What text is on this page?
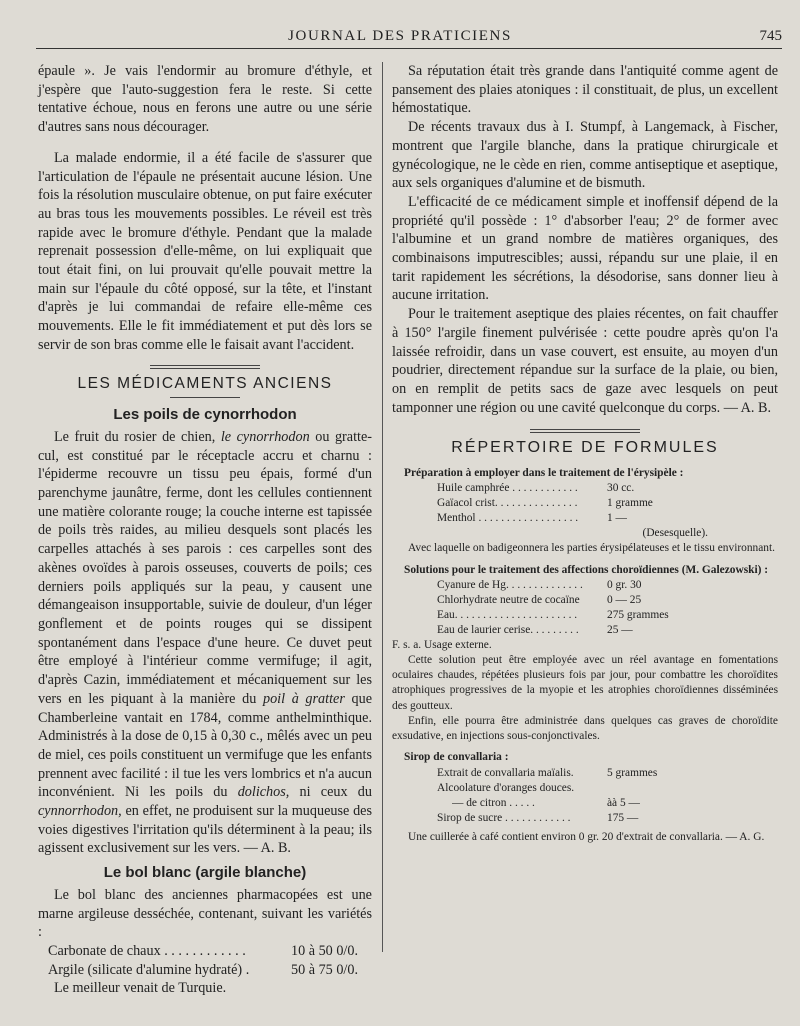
JOURNAL DES PRATICIENS	745

épaule ». Je vais l'endormir au bromure d'éthyle, et j'espère que l'auto-suggestion fera le reste. Si cette tentative échoue, nous en ferons une autre ou une série d'autres sans nous décourager.

La malade endormie, il a été facile de s'assurer que l'articulation de l'épaule ne présentait aucune lésion. Une fois la résolution musculaire obtenue, on put faire exécuter au bras tous les mouvements possibles. Le réveil est très rapide avec le bromure d'éthyle. Pendant que la malade reprenait possession d'elle-même, on lui expliquait que tout était fini, on lui prouvait qu'elle pouvait mettre la main sur l'épaule du côté opposé, sur la tête, et l'instant d'après je lui commandai de refaire elle-même ces mouvements. Elle le fit immédiatement et put dès lors se servir de son bras comme elle le faisait avant l'accident.

LES MÉDICAMENTS ANCIENS
Les poils de cynorrhodon

Le fruit du rosier de chien, le cynorrhodon ou gratte-cul, est constitué par le réceptacle accru et charnu : l'épiderme recouvre un tissu peu épais, formé d'un parenchyme jaunâtre, ferme, dont les cellules contiennent une matière colorante rouge; la couche interne est tapissée de poils très raides, au milieu desquels sont placés les carpelles attachés à ses parois : ces carpelles sont des akènes ovoïdes à parois osseuses, couverts de poils; ces derniers poils appliqués sur la peau, y causent une démangeaison insupportable, suivie de douleur, d'un léger gonflement et de points rouges qui se dissipent spontanément dans l'espace d'une heure. Ce duvet peut être employé à l'intérieur comme vermifuge; il agit, d'après Cazin, immédiatement et mécaniquement sur les vers en les piquant à la manière du poil à gratter que Chamberleine vantait en 1784, comme anthelminthique. Administrés à la dose de 0,15 à 0,30 c., mêlés avec un peu de miel, ces poils constituent un vermifuge que les enfants prennent avec facilité : il tue les vers lombrics et n'a aucun inconvénient. Ni les poils du dolichos, ni ceux du cynnorrhodon, en effet, ne produisent sur la muqueuse des voies digestives l'irritation qu'ils déterminent à la peau; ils agissent exclusivement sur les vers. — A. B.

Le bol blanc (argile blanche)

Le bol blanc des anciennes pharmacopées est une marne argileuse desséchée, contenant, suivant les variétés :

Carbonate de chaux . . . . . . . . . . . .	10 à 50 0/0.
Argile (silicate d'alumine hydraté) .	50 à 75 0/0.

Le meilleur venait de Turquie.

Sa réputation était très grande dans l'antiquité comme agent de pansement des plaies atoniques : il constituait, de plus, un excellent hémostatique.

De récents travaux dus à I. Stumpf, à Langemack, à Fischer, montrent que l'argile blanche, dans la pratique chirurgicale et gynécologique, ne le cède en rien, comme antiseptique et aseptique, aux sels organiques d'alumine et de bismuth.

L'efficacité de ce médicament simple et inoffensif dépend de la propriété qu'il possède : 1° d'absorber l'eau; 2° de former avec l'albumine et un grand nombre de matières organiques, des combinaisons imputrescibles; aussi, répandu sur une plaie, il en tarit rapidement les sécrétions, la désodorise, sans donner lieu à aucune irritation.

Pour le traitement aseptique des plaies récentes, on fait chauffer à 150° l'argile finement pulvérisée : cette poudre après qu'on l'a laissée refroidir, dans un vase couvert, est ensuite, au moyen d'un poudrier, directement répandue sur la surface de la plaie, ou bien, on en remplit de petits sacs de gaze avec lesquels on peut tamponner une région ou une cavité quelconque du corps. — A. B.

RÉPERTOIRE DE FORMULES
Préparation à employer dans le traitement de l'érysipèle :
Huile camphrée . . . . . . . . . . . .	30 cc.
Gaïacol crist. . . . . . . . . . . . . . .	1 gramme
Menthol . . . . . . . . . . . . . . . . . .	1 —
(Desesquelle).

Avec laquelle on badigeonnera les parties érysipélateuses et le tissu environnant.

Solutions pour le traitement des affections choroïdiennes (M. Galezowski) :
Cyanure de Hg. . . . . . . . . . . . . .	0 gr. 30
Chlorhydrate neutre de cocaïne	0 — 25
Eau. . . . . . . . . . . . . . . . . . . . . .	275 grammes
Eau de laurier cerise. . . . . . . . .	25 —

F. s. a. Usage externe.

Cette solution peut être employée avec un réel avantage en fomentations oculaires chaudes, répétées plusieurs fois par jour, pour combattre les choroïdites atrophiques progressives de la myopie et les atrophies choroïdiennes disséminées des goutteux.

Enfin, elle pourra être administrée dans quelques cas graves de choroïdite exsudative, en injections sous-conjonctivales.

Sirop de convallaria :
Extrait de convallaria maïalis.	5 grammes
Alcoolature d'oranges douces.
— de citron . . . . .	àà 5 —
Sirop de sucre . . . . . . . . . . . .	175 —

Une cuillerée à café contient environ 0 gr. 20 d'extrait de convallaria. — A. G.
